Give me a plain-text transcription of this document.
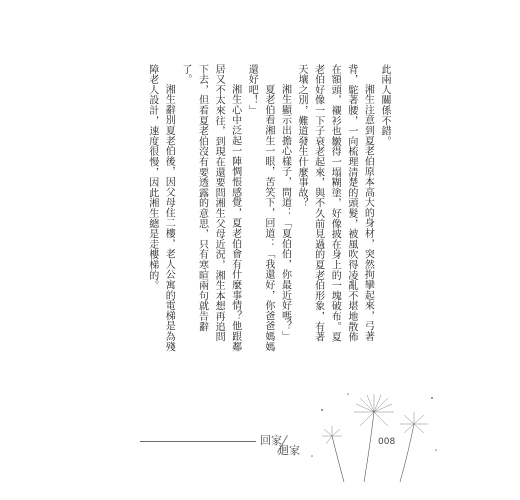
此兩人關係不錯。

湘生注意到夏老伯原本高大的身材，突然拘攣起來，弓著背，駝著腰，一向梳理清楚的頭髮，被風吹得凌亂不堪地散佈在額頭，襯衫也皺得一塌糊塗，好像披在身上的一塊破布。夏老伯好像一下子衰老起來，與不久前見過的夏老伯形象，有著天壤之別，難道發生什麼事故？

湘生顯示出擔心樣子，問道：「夏伯伯，你最近好嗎？」

夏老伯看湘生一眼，苦笑下，回道：「我還好，你爸爸媽媽還好吧！」

湘生心中泛起一陣惆悵感覺，夏老伯會有什麼事情？他跟鄰居又不太來往，到現在還要問湘生父母近況，湘生本想再追問下去，但看夏老伯沒有要透露的意思，只有寒暄兩句就告辭了。

湘生辭別夏老伯後，因父母住二樓，老人公寓的電梯是為殘障老人設計，速度很慢，因此湘生總是走樓梯的。

回家
迴家
008
